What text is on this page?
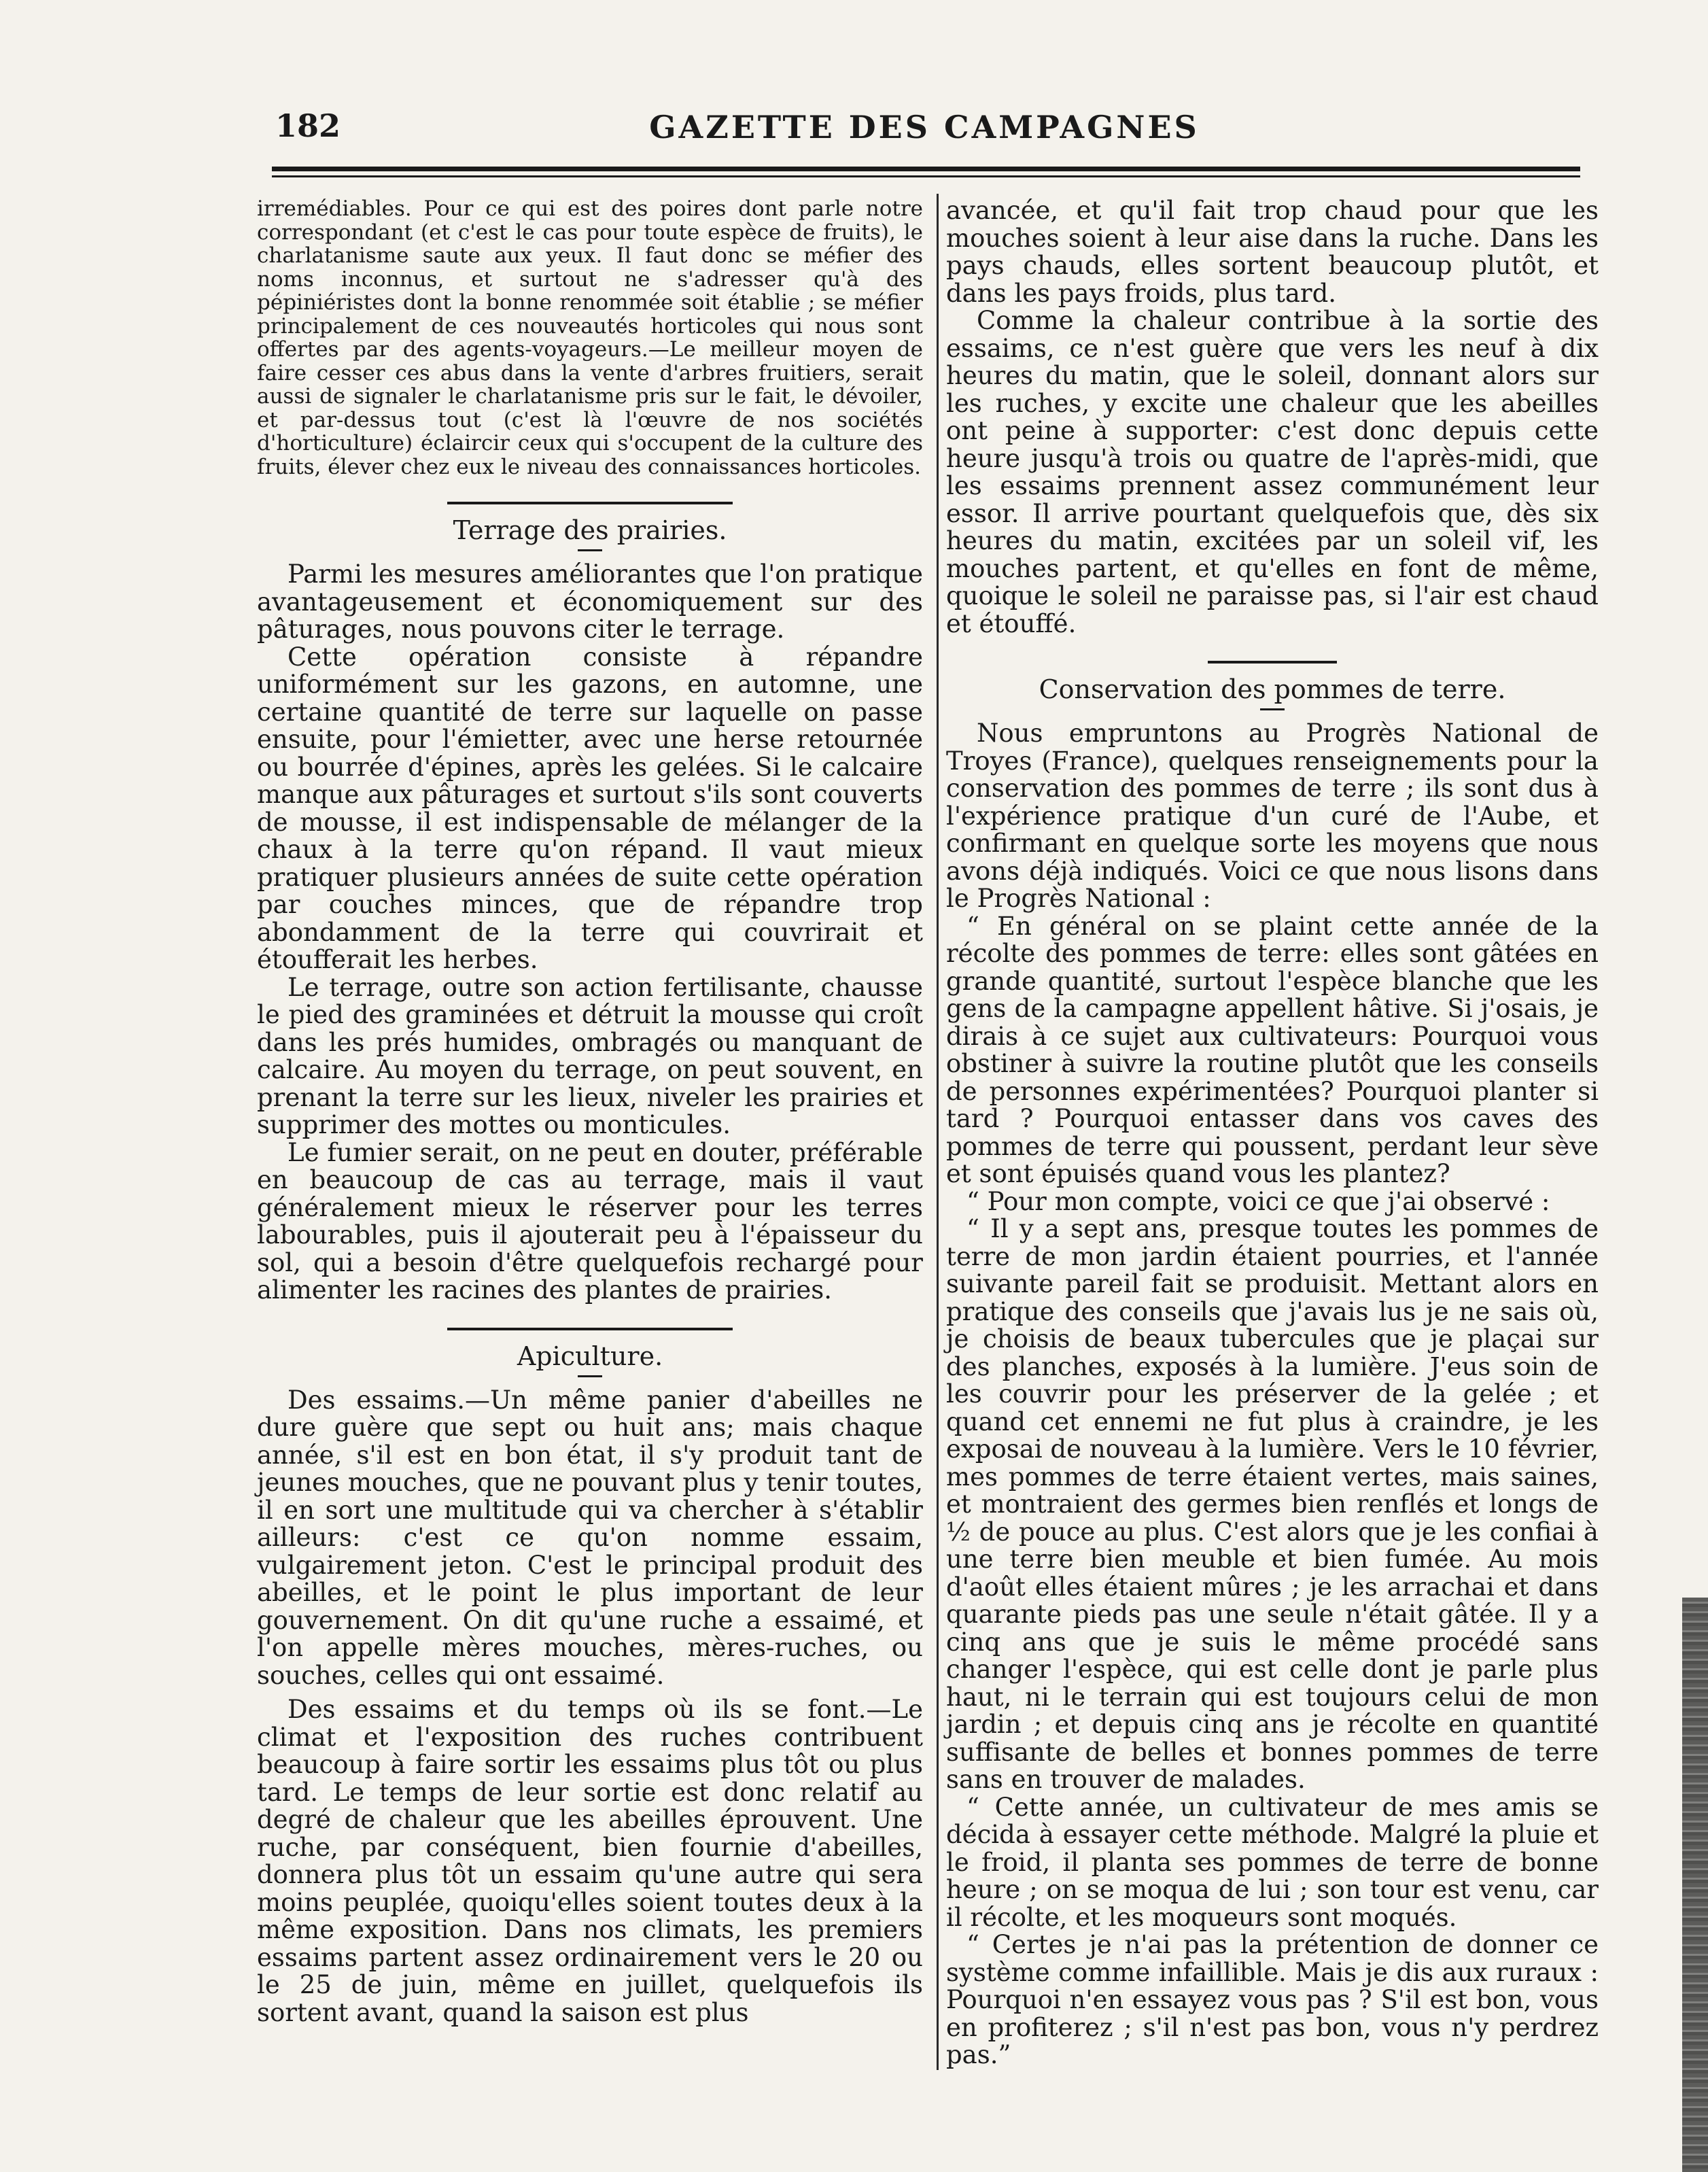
182	GAZETTE DES CAMPAGNES

irremédiables. Pour ce qui est des poires dont parle notre correspondant (et c'est le cas pour toute espèce de fruits), le charlatanisme saute aux yeux. Il faut donc se méfier des noms inconnus, et surtout ne s'adresser qu'à des pépiniéristes dont la bonne renommée soit établie ; se méfier principalement de ces nouveautés horticoles qui nous sont offertes par des agents-voyageurs.—Le meilleur moyen de faire cesser ces abus dans la vente d'arbres fruitiers, serait aussi de signaler le charlatanisme pris sur le fait, le dévoiler, et par-dessus tout (c'est là l'œuvre de nos sociétés d'horticulture) éclaircir ceux qui s'occupent de la culture des fruits, élever chez eux le niveau des connaissances horticoles.

Terrage des prairies.

Parmi les mesures améliorantes que l'on pratique avantageusement et économiquement sur des pâturages, nous pouvons citer le terrage.

Cette opération consiste à répandre uniformément sur les gazons, en automne, une certaine quantité de terre sur laquelle on passe ensuite, pour l'émietter, avec une herse retournée ou bourrée d'épines, après les gelées. Si le calcaire manque aux pâturages et surtout s'ils sont couverts de mousse, il est indispensable de mélanger de la chaux à la terre qu'on répand. Il vaut mieux pratiquer plusieurs années de suite cette opération par couches minces, que de répandre trop abondamment de la terre qui couvrirait et étoufferait les herbes.

Le terrage, outre son action fertilisante, chausse le pied des graminées et détruit la mousse qui croît dans les prés humides, ombragés ou manquant de calcaire. Au moyen du terrage, on peut souvent, en prenant la terre sur les lieux, niveler les prairies et supprimer des mottes ou monticules.

Le fumier serait, on ne peut en douter, préférable en beaucoup de cas au terrage, mais il vaut généralement mieux le réserver pour les terres labourables, puis il ajouterait peu à l'épaisseur du sol, qui a besoin d'être quelquefois rechargé pour alimenter les racines des plantes de prairies.

Apiculture.

Des essaims.—Un même panier d'abeilles ne dure guère que sept ou huit ans; mais chaque année, s'il est en bon état, il s'y produit tant de jeunes mouches, que ne pouvant plus y tenir toutes, il en sort une multitude qui va chercher à s'établir ailleurs: c'est ce qu'on nomme essaim, vulgairement jeton. C'est le principal produit des abeilles, et le point le plus important de leur gouvernement. On dit qu'une ruche a essaimé, et l'on appelle mères mouches, mères-ruches, ou souches, celles qui ont essaimé.

Des essaims et du temps où ils se font.—Le climat et l'exposition des ruches contribuent beaucoup à faire sortir les essaims plus tôt ou plus tard. Le temps de leur sortie est donc relatif au degré de chaleur que les abeilles éprouvent. Une ruche, par conséquent, bien fournie d'abeilles, donnera plus tôt un essaim qu'une autre qui sera moins peuplée, quoiqu'elles soient toutes deux à la même exposition. Dans nos climats, les premiers essaims partent assez ordinairement vers le 20 ou le 25 de juin, même en juillet, quelquefois ils sortent avant, quand la saison est plus

avancée, et qu'il fait trop chaud pour que les mouches soient à leur aise dans la ruche. Dans les pays chauds, elles sortent beaucoup plutôt, et dans les pays froids, plus tard.

Comme la chaleur contribue à la sortie des essaims, ce n'est guère que vers les neuf à dix heures du matin, que le soleil, donnant alors sur les ruches, y excite une chaleur que les abeilles ont peine à supporter: c'est donc depuis cette heure jusqu'à trois ou quatre de l'après-midi, que les essaims prennent assez communément leur essor. Il arrive pourtant quelquefois que, dès six heures du matin, excitées par un soleil vif, les mouches partent, et qu'elles en font de même, quoique le soleil ne paraisse pas, si l'air est chaud et étouffé.

Conservation des pommes de terre.

Nous empruntons au Progrès National de Troyes (France), quelques renseignements pour la conservation des pommes de terre ; ils sont dus à l'expérience pratique d'un curé de l'Aube, et confirmant en quelque sorte les moyens que nous avons déjà indiqués. Voici ce que nous lisons dans le Progrès National :

“ En général on se plaint cette année de la récolte des pommes de terre: elles sont gâtées en grande quantité, surtout l'espèce blanche que les gens de la campagne appellent hâtive. Si j'osais, je dirais à ce sujet aux cultivateurs: Pourquoi vous obstiner à suivre la routine plutôt que les conseils de personnes expérimentées? Pourquoi planter si tard ? Pourquoi entasser dans vos caves des pommes de terre qui poussent, perdant leur sève et sont épuisés quand vous les plantez?

“ Pour mon compte, voici ce que j'ai observé :

“ Il y a sept ans, presque toutes les pommes de terre de mon jardin étaient pourries, et l'année suivante pareil fait se produisit. Mettant alors en pratique des conseils que j'avais lus je ne sais où, je choisis de beaux tubercules que je plaçai sur des planches, exposés à la lumière. J'eus soin de les couvrir pour les préserver de la gelée ; et quand cet ennemi ne fut plus à craindre, je les exposai de nouveau à la lumière. Vers le 10 février, mes pommes de terre étaient vertes, mais saines, et montraient des germes bien renflés et longs de ½ de pouce au plus. C'est alors que je les confiai à une terre bien meuble et bien fumée. Au mois d'août elles étaient mûres ; je les arrachai et dans quarante pieds pas une seule n'était gâtée. Il y a cinq ans que je suis le même procédé sans changer l'espèce, qui est celle dont je parle plus haut, ni le terrain qui est toujours celui de mon jardin ; et depuis cinq ans je récolte en quantité suffisante de belles et bonnes pommes de terre sans en trouver de malades.

“ Cette année, un cultivateur de mes amis se décida à essayer cette méthode. Malgré la pluie et le froid, il planta ses pommes de terre de bonne heure ; on se moqua de lui ; son tour est venu, car il récolte, et les moqueurs sont moqués.

“ Certes je n'ai pas la prétention de donner ce système comme infaillible. Mais je dis aux ruraux : Pourquoi n'en essayez vous pas ? S'il est bon, vous en profiterez ; s'il n'est pas bon, vous n'y perdrez pas.”
